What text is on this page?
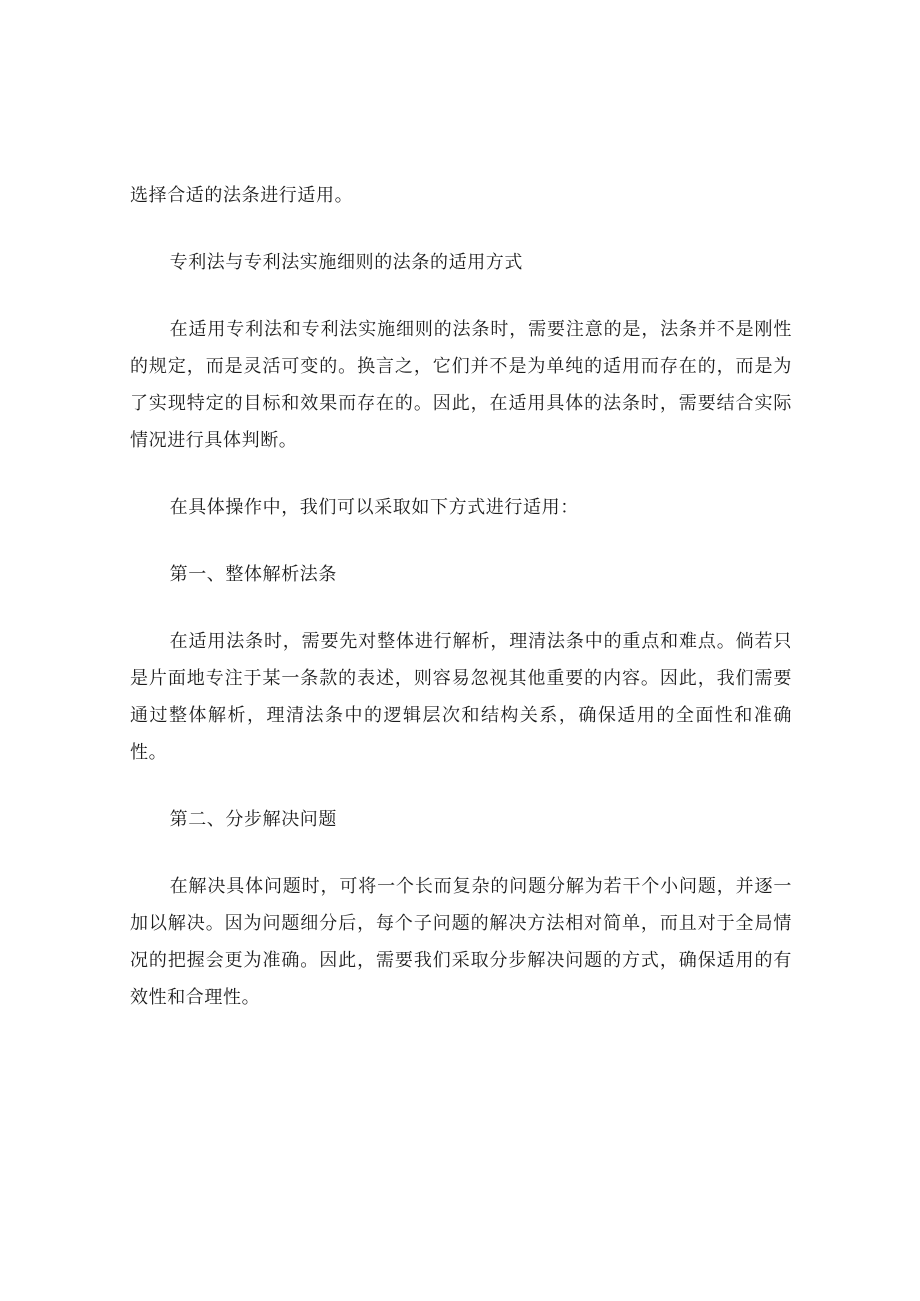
选择合适的法条进行适用。

专利法与专利法实施细则的法条的适用方式

在适用专利法和专利法实施细则的法条时，需要注意的是，法条并不是刚性的规定，而是灵活可变的。换言之，它们并不是为单纯的适用而存在的，而是为了实现特定的目标和效果而存在的。因此，在适用具体的法条时，需要结合实际情况进行具体判断。

在具体操作中，我们可以采取如下方式进行适用：

第一、整体解析法条

在适用法条时，需要先对整体进行解析，理清法条中的重点和难点。倘若只是片面地专注于某一条款的表述，则容易忽视其他重要的内容。因此，我们需要通过整体解析，理清法条中的逻辑层次和结构关系，确保适用的全面性和准确性。

第二、分步解决问题

在解决具体问题时，可将一个长而复杂的问题分解为若干个小问题，并逐一加以解决。因为问题细分后，每个子问题的解决方法相对简单，而且对于全局情况的把握会更为准确。因此，需要我们采取分步解决问题的方式，确保适用的有效性和合理性。
